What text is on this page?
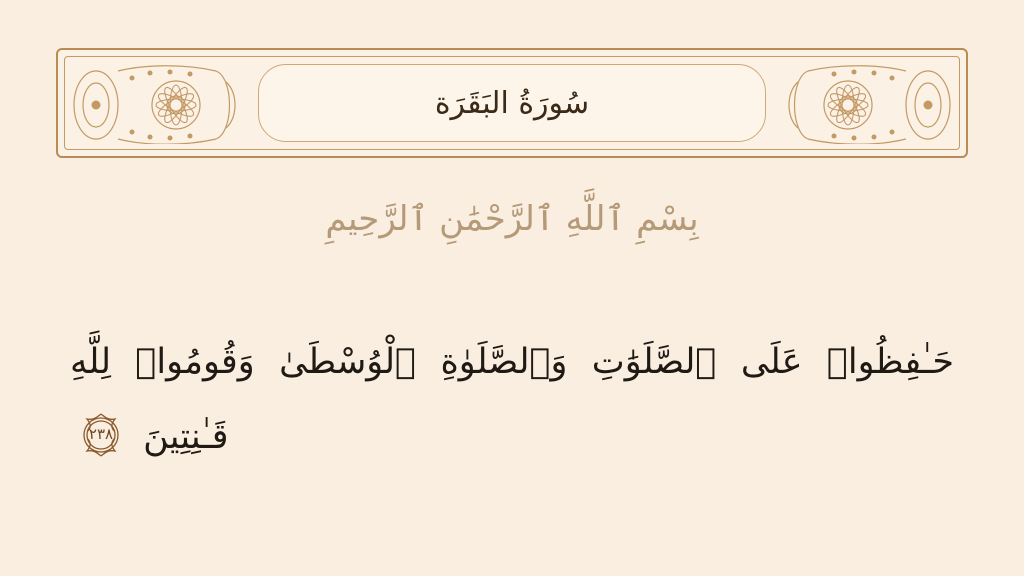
سُورَةُ البَقَرَة
بِسْمِ ٱللَّهِ ٱلرَّحْمَٰنِ ٱلرَّحِيمِ
حَـٰفِظُوا۟ عَلَى ٱلصَّلَوَٰتِ وَٱلصَّلَوٰةِ ٱلْوُسْطَىٰ وَقُومُوا۟ لِلَّهِ
قَـٰنِتِينَ
٢٣٨
